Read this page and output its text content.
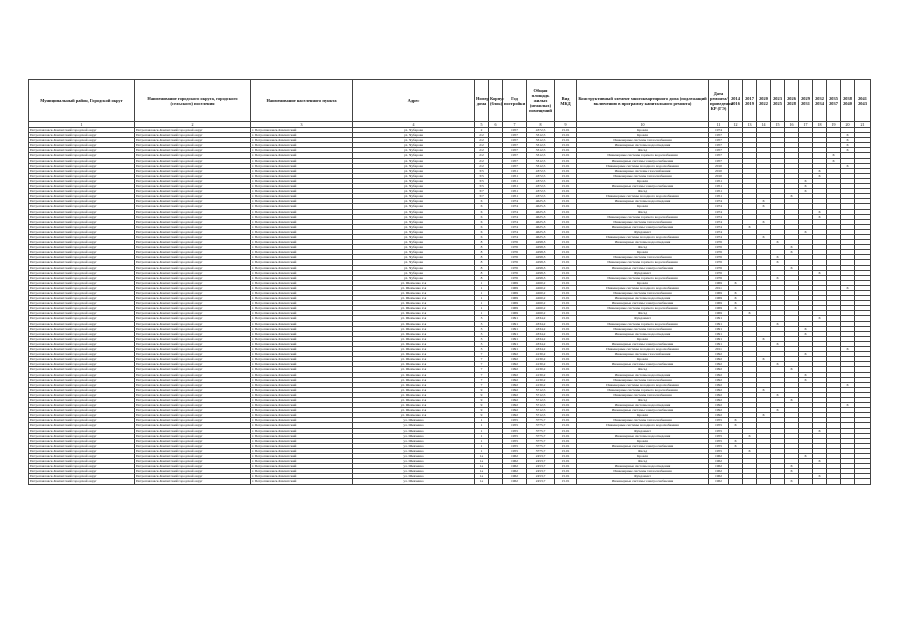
Муниципальный район, Городской округ	Наименование городского округа, городского (сельского) поселения	Наименование населенного пункта	Адрес	Номер дома	Корпус (блок)	Год постройки	Общая площадь жилых (нежилых) помещений	Вид МКД	Конструктивный элемент многоквартирного дома (подлежащий включению в программу капитального ремонта)	Дата ремонта/проведения КР (ГЭ)	2014 2016	2017 2019	2020 2022	2023 2025	2026 2028	2029 2031	2032 2034	2035 2037	2038 2040	2041 2043
1	2	3	4	5	6	7	8	9	10	11	12	13	14	15	16	17	18	19	20	21
Петропавловск-Камчатский городской округ	Петропавловск-Камчатский городской округ	г. Петропавловск-Камчатский	ул. Чубарова	2		1957	4372,5	15.01	Кровля	1974										
Петропавловск-Камчатский городской округ	Петропавловск-Камчатский городской округ	г. Петропавловск-Камчатский	ул. Чубарова	2/2		1957	3312,5	15.01	Кровля	1957									X	
Петропавловск-Камчатский городской округ	Петропавловск-Камчатский городской округ	г. Петропавловск-Камчатский	ул. Чубарова	2/2		1957	3312,5	15.01	Инженерные системы теплоснабжения	1957									X	
Петропавловск-Камчатский городской округ	Петропавловск-Камчатский городской округ	г. Петропавловск-Камчатский	ул. Чубарова	2/2		1957	3312,5	15.01	Инженерные системы водоотведения	1957									X	
Петропавловск-Камчатский городской округ	Петропавловск-Камчатский городской округ	г. Петропавловск-Камчатский	ул. Чубарова	2/2		1957	3312,5	15.01	Фасад	1957									X	
Петропавловск-Камчатский городской округ	Петропавловск-Камчатский городской округ	г. Петропавловск-Камчатский	ул. Чубарова	2/2		1957	3312,5	15.01	Инженерные системы горячего водоснабжения	1957								X		
Петропавловск-Камчатский городской округ	Петропавловск-Камчатский городской округ	г. Петропавловск-Камчатский	ул. Чубарова	2/2		1957	3312,5	15.01	Инженерные системы электроснабжения	1957								X		
Петропавловск-Камчатский городской округ	Петропавловск-Камчатский городской округ	г. Петропавловск-Камчатский	ул. Чубарова	2/2		1957	3312,5	15.01	Инженерные системы холодного водоснабжения	2010									X	
Петропавловск-Камчатский городской округ	Петропавловск-Камчатский городской округ	г. Петропавловск-Камчатский	ул. Чубарова	3/5		1951	4372,5	15.01	Инженерные системы газоснабжения	2010							X			
Петропавловск-Камчатский городской округ	Петропавловск-Камчатский городской округ	г. Петропавловск-Камчатский	ул. Чубарова	3/5		1951	4372,5	15.01	Инженерные системы теплоснабжения	2010							X			
Петропавловск-Камчатский городской округ	Петропавловск-Камчатский городской округ	г. Петропавловск-Камчатский	ул. Чубарова	3/5		1951	4372,5	15.01	Кровля	1951						X				
Петропавловск-Камчатский городской округ	Петропавловск-Камчатский городской округ	г. Петропавловск-Камчатский	ул. Чубарова	3/5		1951	4372,5	15.01	Инженерные системы электроснабжения	1951						X				
Петропавловск-Камчатский городской округ	Петропавловск-Камчатский городской округ	г. Петропавловск-Камчатский	ул. Чубарова	3/7		1951	4372,5	15.01	Фасад	1951						X				
Петропавловск-Камчатский городской округ	Петропавловск-Камчатский городской округ	г. Петропавловск-Камчатский	ул. Чубарова	3/7		1951	4372,5	15.01	Инженерные системы холодного водоснабжения	1951					X					
Петропавловск-Камчатский городской округ	Петропавловск-Камчатский городской округ	г. Петропавловск-Камчатский	ул. Чубарова	6		1974	4625,3	15.01	Инженерные системы водоотведения	1974			X							
Петропавловск-Камчатский городской округ	Петропавловск-Камчатский городской округ	г. Петропавловск-Камчатский	ул. Чубарова	6		1974	4625,3	15.01	Кровля	1974			X							
Петропавловск-Камчатский городской округ	Петропавловск-Камчатский городской округ	г. Петропавловск-Камчатский	ул. Чубарова	6		1974	4625,3	15.01	Фасад	1974							X			
Петропавловск-Камчатский городской округ	Петропавловск-Камчатский городской округ	г. Петропавловск-Камчатский	ул. Чубарова	6		1974	4625,3	15.01	Инженерные системы горячего водоснабжения	1974							X			
Петропавловск-Камчатский городской округ	Петропавловск-Камчатский городской округ	г. Петропавловск-Камчатский	ул. Чубарова	6		1974	4625,3	15.01	Инженерные системы теплоснабжения	1974			X							
Петропавловск-Камчатский городской округ	Петропавловск-Камчатский городской округ	г. Петропавловск-Камчатский	ул. Чубарова	6		1974	4625,3	15.01	Инженерные системы электроснабжения	1974		X								
Петропавловск-Камчатский городской округ	Петропавловск-Камчатский городской округ	г. Петропавловск-Камчатский	ул. Чубарова	6		1974	4625,3	15.01	Фундамент	1974						X				
Петропавловск-Камчатский городской округ	Петропавловск-Камчатский городской округ	г. Петропавловск-Камчатский	ул. Чубарова	6		1974	4625,3	15.01	Инженерные системы холодного водоснабжения	1974			X							
Петропавловск-Камчатский городской округ	Петропавловск-Камчатский городской округ	г. Петропавловск-Камчатский	ул. Чубарова	8		1976	4298,3	15.01	Инженерные системы водоотведения	1976				X						
Петропавловск-Камчатский городской округ	Петропавловск-Камчатский городской округ	г. Петропавловск-Камчатский	ул. Чубарова	8		1976	4298,3	15.01	Фасад	1976					X					
Петропавловск-Камчатский городской округ	Петропавловск-Камчатский городской округ	г. Петропавловск-Камчатский	ул. Чубарова	8		1976	4298,3	15.01	Кровля	1976					X					
Петропавловск-Камчатский городской округ	Петропавловск-Камчатский городской округ	г. Петропавловск-Камчатский	ул. Чубарова	8		1976	4298,3	15.01	Инженерные системы теплоснабжения	1976				X						
Петропавловск-Камчатский городской округ	Петропавловск-Камчатский городской округ	г. Петропавловск-Камчатский	ул. Чубарова	8		1976	4298,3	15.01	Инженерные системы горячего водоснабжения	1976				X						
Петропавловск-Камчатский городской округ	Петропавловск-Камчатский городской округ	г. Петропавловск-Камчатский	ул. Чубарова	8		1976	4298,3	15.01	Инженерные системы электроснабжения	1976					X					
Петропавловск-Камчатский городской округ	Петропавловск-Камчатский городской округ	г. Петропавловск-Камчатский	ул. Чубарова	8		1976	4298,3	15.01	Фундамент	1976							X			
Петропавловск-Камчатский городской округ	Петропавловск-Камчатский городской округ	г. Петропавловск-Камчатский	ул. Чубарова	8		1976	4298,3	15.01	Инженерные системы горячего водоснабжения	1976				X						
Петропавловск-Камчатский городской округ	Петропавловск-Камчатский городской округ	г. Петропавловск-Камчатский	ул. Шевченко 2-я	1		1969	4260,2	15.01	Кровля	1969	X									
Петропавловск-Камчатский городской округ	Петропавловск-Камчатский городской округ	г. Петропавловск-Камчатский	ул. Шевченко 2-я	1		1969	4260,2	15.01	Инженерные системы холодного водоснабжения	2011									X	
Петропавловск-Камчатский городской округ	Петропавловск-Камчатский городской округ	г. Петропавловск-Камчатский	ул. Шевченко 2-я	1		1969	4260,2	15.01	Инженерные системы теплоснабжения	1969	X									
Петропавловск-Камчатский городской округ	Петропавловск-Камчатский городской округ	г. Петропавловск-Камчатский	ул. Шевченко 2-я	1		1969	4260,2	15.01	Инженерные системы водоотведения	1969	X									
Петропавловск-Камчатский городской округ	Петропавловск-Камчатский городской округ	г. Петропавловск-Камчатский	ул. Шевченко 2-я	1		1969	4260,2	15.01	Инженерные системы электроснабжения	1969	X									
Петропавловск-Камчатский городской округ	Петропавловск-Камчатский городской округ	г. Петропавловск-Камчатский	ул. Шевченко 2-я	1		1969	4260,2	15.01	Инженерные системы горячего водоснабжения	1969	X									
Петропавловск-Камчатский городской округ	Петропавловск-Камчатский городской округ	г. Петропавловск-Камчатский	ул. Шевченко 2-я	1		1969	4260,2	15.01	Фасад	1969		X								
Петропавловск-Камчатский городской округ	Петропавловск-Камчатский городской округ	г. Петропавловск-Камчатский	ул. Шевченко 2-я	3		1991	4334,2	15.01	Фундамент	1991							X			
Петропавловск-Камчатский городской округ	Петропавловск-Камчатский городской округ	г. Петропавловск-Камчатский	ул. Шевченко 2-я	3		1991	4334,2	15.01	Инженерные системы горячего водоснабжения	1991				X						
Петропавловск-Камчатский городской округ	Петропавловск-Камчатский городской округ	г. Петропавловск-Камчатский	ул. Шевченко 2-я	3		1991	4334,2	15.01	Инженерные системы теплоснабжения	1991						X				
Петропавловск-Камчатский городской округ	Петропавловск-Камчатский городской округ	г. Петропавловск-Камчатский	ул. Шевченко 2-я	3		1991	4334,2	15.01	Инженерные системы водоотведения	1991						X				
Петропавловск-Камчатский городской округ	Петропавловск-Камчатский городской округ	г. Петропавловск-Камчатский	ул. Шевченко 2-я	3		1991	4334,2	15.01	Кровля	1991			X							
Петропавловск-Камчатский городской округ	Петропавловск-Камчатский городской округ	г. Петропавловск-Камчатский	ул. Шевченко 2-я	3		1991	4334,2	15.01	Инженерные системы электроснабжения	1991				X						
Петропавловск-Камчатский городской округ	Петропавловск-Камчатский городской округ	г. Петропавловск-Камчатский	ул. Шевченко 2-я	3		1991	4334,2	15.01	Инженерные системы холодного водоснабжения	2011									X	
Петропавловск-Камчатский городской округ	Петропавловск-Камчатский городской округ	г. Петропавловск-Камчатский	ул. Шевченко 2-я	7		1992	4130,2	15.01	Инженерные системы газоснабжения	1992						X				
Петропавловск-Камчатский городской округ	Петропавловск-Камчатский городской округ	г. Петропавловск-Камчатский	ул. Шевченко 2-я	7		1992	4130,2	15.01	Кровля	1992			X							
Петропавловск-Камчатский городской округ	Петропавловск-Камчатский городской округ	г. Петропавловск-Камчатский	ул. Шевченко 2-я	7		1992	4130,2	15.01	Инженерные системы электроснабжения	1992				X						
Петропавловск-Камчатский городской округ	Петропавловск-Камчатский городской округ	г. Петропавловск-Камчатский	ул. Шевченко 2-я	7		1992	4130,2	15.01	Фасад	1992					X					
Петропавловск-Камчатский городской округ	Петропавловск-Камчатский городской округ	г. Петропавловск-Камчатский	ул. Шевченко 2-я	7		1992	4130,2	15.01	Инженерные системы водоотведения	1992						X				
Петропавловск-Камчатский городской округ	Петропавловск-Камчатский городской округ	г. Петропавловск-Камчатский	ул. Шевченко 2-я	7		1992	4130,2	15.01	Инженерные системы теплоснабжения	1992						X				
Петропавловск-Камчатский городской округ	Петропавловск-Камчатский городской округ	г. Петропавловск-Камчатский	ул. Шевченко 2-я	7		1992	4130,2	15.01	Инженерные системы холодного водоснабжения	1992									X	
Петропавловск-Камчатский городской округ	Петропавловск-Камчатский городской округ	г. Петропавловск-Камчатский	ул. Шевченко 2-я	9		1992	5712,5	15.01	Инженерные системы горячего водоснабжения	1992			X							
Петропавловск-Камчатский городской округ	Петропавловск-Камчатский городской округ	г. Петропавловск-Камчатский	ул. Шевченко 2-я	9		1992	5712,5	15.01	Инженерные системы теплоснабжения	1992				X						
Петропавловск-Камчатский городской округ	Петропавловск-Камчатский городской округ	г. Петропавловск-Камчатский	ул. Шевченко 2-я	9		1992	5712,5	15.01	Фасад	1992					X					
Петропавловск-Камчатский городской округ	Петропавловск-Камчатский городской округ	г. Петропавловск-Камчатский	ул. Шевченко 2-я	9		1992	5712,5	15.01	Инженерные системы водоотведения	1992									X	
Петропавловск-Камчатский городской округ	Петропавловск-Камчатский городской округ	г. Петропавловск-Камчатский	ул. Шевченко 2-я	9		1992	5712,5	15.01	Инженерные системы электроснабжения	1992				X						
Петропавловск-Камчатский городской округ	Петропавловск-Камчатский городской округ	г. Петропавловск-Камчатский	ул. Шевченко 2-я	9		1992	5712,5	15.01	Кровля	1992			X							
Петропавловск-Камчатский городской округ	Петропавловск-Камчатский городской округ	г. Петропавловск-Камчатский	ул. Шевченко	1		1955	3775,7	15.01	Инженерные системы теплоснабжения	1955	X									
Петропавловск-Камчатский городской округ	Петропавловск-Камчатский городской округ	г. Петропавловск-Камчатский	ул. Шевченко	1		1955	3775,7	15.01	Инженерные системы холодного водоснабжения	1955	X									
Петропавловск-Камчатский городской округ	Петропавловск-Камчатский городской округ	г. Петропавловск-Камчатский	ул. Шевченко	1		1955	3775,7	15.01	Фундамент	1955							X			
Петропавловск-Камчатский городской округ	Петропавловск-Камчатский городской округ	г. Петропавловск-Камчатский	ул. Шевченко	1		1955	3775,7	15.01	Инженерные системы водоотведения	1955		X								
Петропавловск-Камчатский городской округ	Петропавловск-Камчатский городской округ	г. Петропавловск-Камчатский	ул. Шевченко	1		1955	3775,7	15.01	Кровля	1955	X									
Петропавловск-Камчатский городской округ	Петропавловск-Камчатский городской округ	г. Петропавловск-Камчатский	ул. Шевченко	1		1955	3775,7	15.01	Инженерные системы электроснабжения	1955	X									
Петропавловск-Камчатский городской округ	Петропавловск-Камчатский городской округ	г. Петропавловск-Камчатский	ул. Шевченко	1		1955	3775,7	15.01	Фасад	1955		X								
Петропавловск-Камчатский городской округ	Петропавловск-Камчатский городской округ	г. Петропавловск-Камчатский	ул. Шевченко	1а		1962	2453,7	15.01	Кровля	1962						X				
Петропавловск-Камчатский городской округ	Петропавловск-Камчатский городской округ	г. Петропавловск-Камчатский	ул. Шевченко	1а		1962	2453,7	15.01	Фасад	1962							X			
Петропавловск-Камчатский городской округ	Петропавловск-Камчатский городской округ	г. Петропавловск-Камчатский	ул. Шевченко	1а		1962	2453,7	15.01	Инженерные системы водоотведения	1962					X					
Петропавловск-Камчатский городской округ	Петропавловск-Камчатский городской округ	г. Петропавловск-Камчатский	ул. Шевченко	1а		1962	2453,7	15.01	Инженерные системы теплоснабжения	1962					X					
Петропавловск-Камчатский городской округ	Петропавловск-Камчатский городской округ	г. Петропавловск-Камчатский	ул. Шевченко	1а		1962	2453,7	15.01	Фундамент	1962							X			
Петропавловск-Камчатский городской округ	Петропавловск-Камчатский городской округ	г. Петропавловск-Камчатский	ул. Шевченко	1а		1962	2453,7	15.01	Инженерные системы электроснабжения	1962					X					
